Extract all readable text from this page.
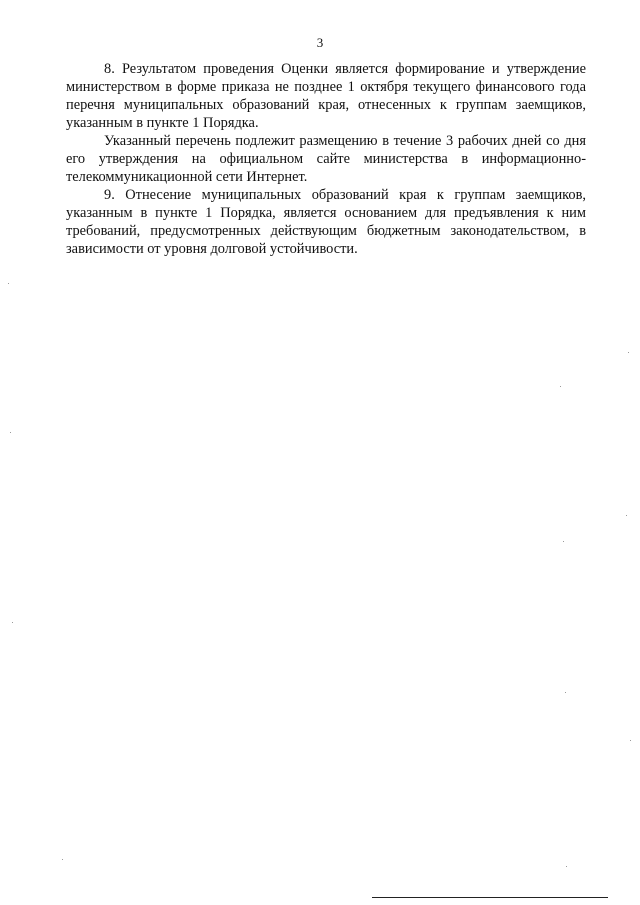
3

8. Результатом проведения Оценки является формирование и утверждение министерством в форме приказа не позднее 1 октября текущего финансового года перечня муниципальных образований края, отнесенных к группам заемщиков, указанным в пункте 1 Порядка.

Указанный перечень подлежит размещению в течение 3 рабочих дней со дня его утверждения на официальном сайте министерства в информационно-телекоммуникационной сети Интернет.

9. Отнесение муниципальных образований края к группам заемщиков, указанным в пункте 1 Порядка, является основанием для предъявления к ним требований, предусмотренных действующим бюджетным законодательством, в зависимости от уровня долговой устойчивости.
